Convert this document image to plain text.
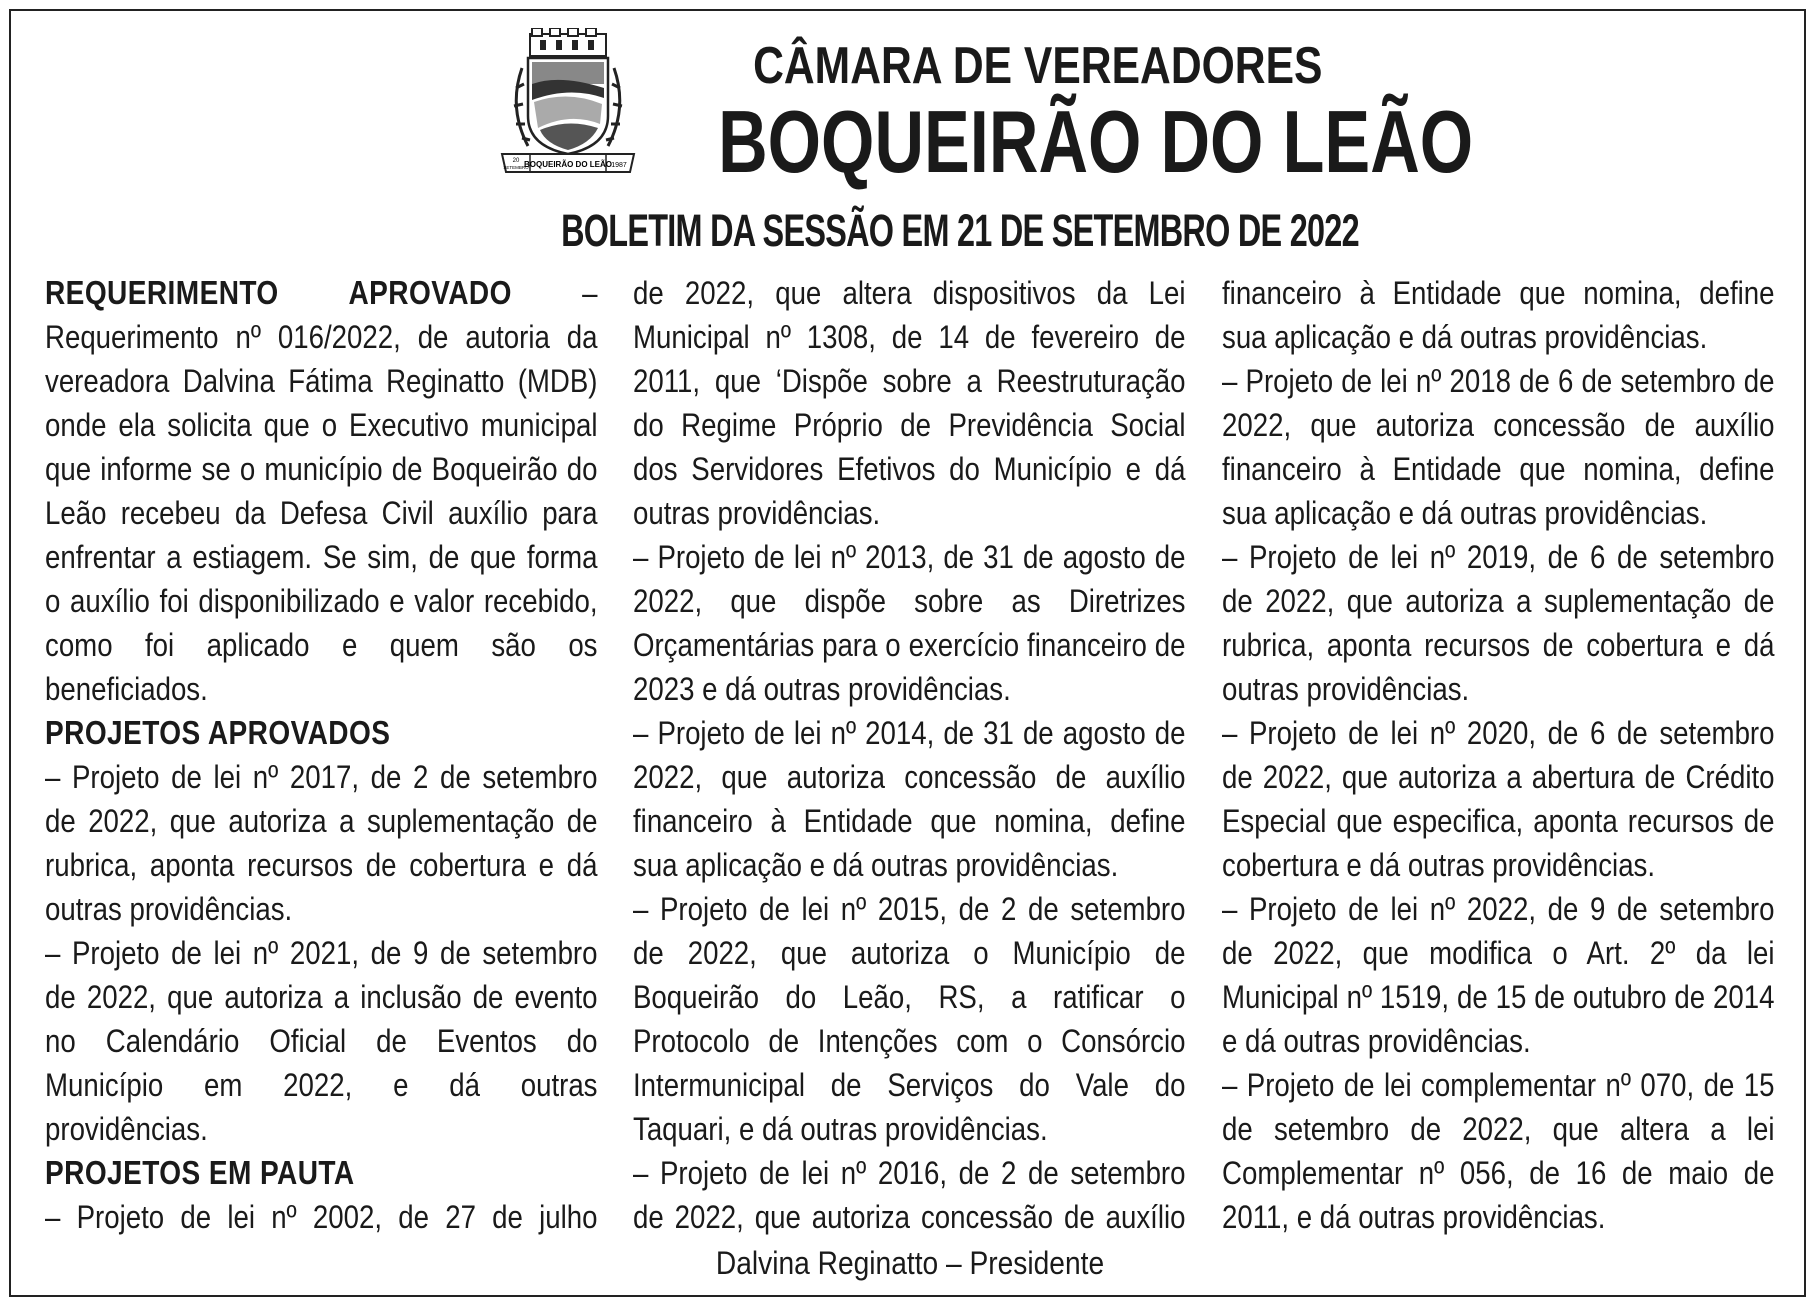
20
SETEMBRO
BOQUEIRÃO DO LEÃO 1987
CÂMARA DE VEREADORES
BOQUEIRÃO DO LEÃO
BOLETIM DA SESSÃO EM 21 DE SETEMBRO DE 2022

REQUERIMENTO APROVADO – Requerimento nº 016/2022, de autoria da vereadora Dalvina Fátima Reginatto (MDB) onde ela solicita que o Executivo municipal que informe se o município de Boqueirão do Leão recebeu da Defesa Civil auxílio para enfrentar a estiagem. Se sim, de que forma o auxílio foi disponibilizado e valor recebido, como foi aplicado e quem são os beneficiados.

PROJETOS APROVADOS

– Projeto de lei nº 2017, de 2 de setembro de 2022, que autoriza a suplementação de rubrica, aponta recursos de cobertura e dá outras providências.

– Projeto de lei nº 2021, de 9 de setembro de 2022, que autoriza a inclusão de evento no Calendário Oficial de Eventos do Município em 2022, e dá outras providências.

PROJETOS EM PAUTA

– Projeto de lei nº 2002, de 27 de julho

de 2022, que altera dispositivos da Lei Municipal nº 1308, de 14 de fevereiro de 2011, que ‘Dispõe sobre a Reestruturação do Regime Próprio de Previdência Social dos Servidores Efetivos do Município e dá outras providências.

– Projeto de lei nº 2013, de 31 de agosto de 2022, que dispõe sobre as Diretrizes Orçamentárias para o exercício financeiro de 2023 e dá outras providências.

– Projeto de lei nº 2014, de 31 de agosto de 2022, que autoriza concessão de auxílio financeiro à Entidade que nomina, define sua aplicação e dá outras providências.

– Projeto de lei nº 2015, de 2 de setembro de 2022, que autoriza o Município de Boqueirão do Leão, RS, a ratificar o Protocolo de Intenções com o Consórcio Intermunicipal de Serviços do Vale do Taquari, e dá outras providências.

– Projeto de lei nº 2016, de 2 de setembro de 2022, que autoriza concessão de auxílio

financeiro à Entidade que nomina, define sua aplicação e dá outras providências.

– Projeto de lei nº 2018 de 6 de setembro de 2022, que autoriza concessão de auxílio financeiro à Entidade que nomina, define sua aplicação e dá outras providências.

– Projeto de lei nº 2019, de 6 de setembro de 2022, que autoriza a suplementação de rubrica, aponta recursos de cobertura e dá outras providências.

– Projeto de lei nº 2020, de 6 de setembro de 2022, que autoriza a abertura de Crédito Especial que especifica, aponta recursos de cobertura e dá outras providências.

– Projeto de lei nº 2022, de 9 de setembro de 2022, que modifica o Art. 2º da lei Municipal nº 1519, de 15 de outubro de 2014 e dá outras providências.

– Projeto de lei complementar nº 070, de 15 de setembro de 2022, que altera a lei Complementar nº 056, de 16 de maio de 2011, e dá outras providências.

Dalvina Reginatto – Presidente
